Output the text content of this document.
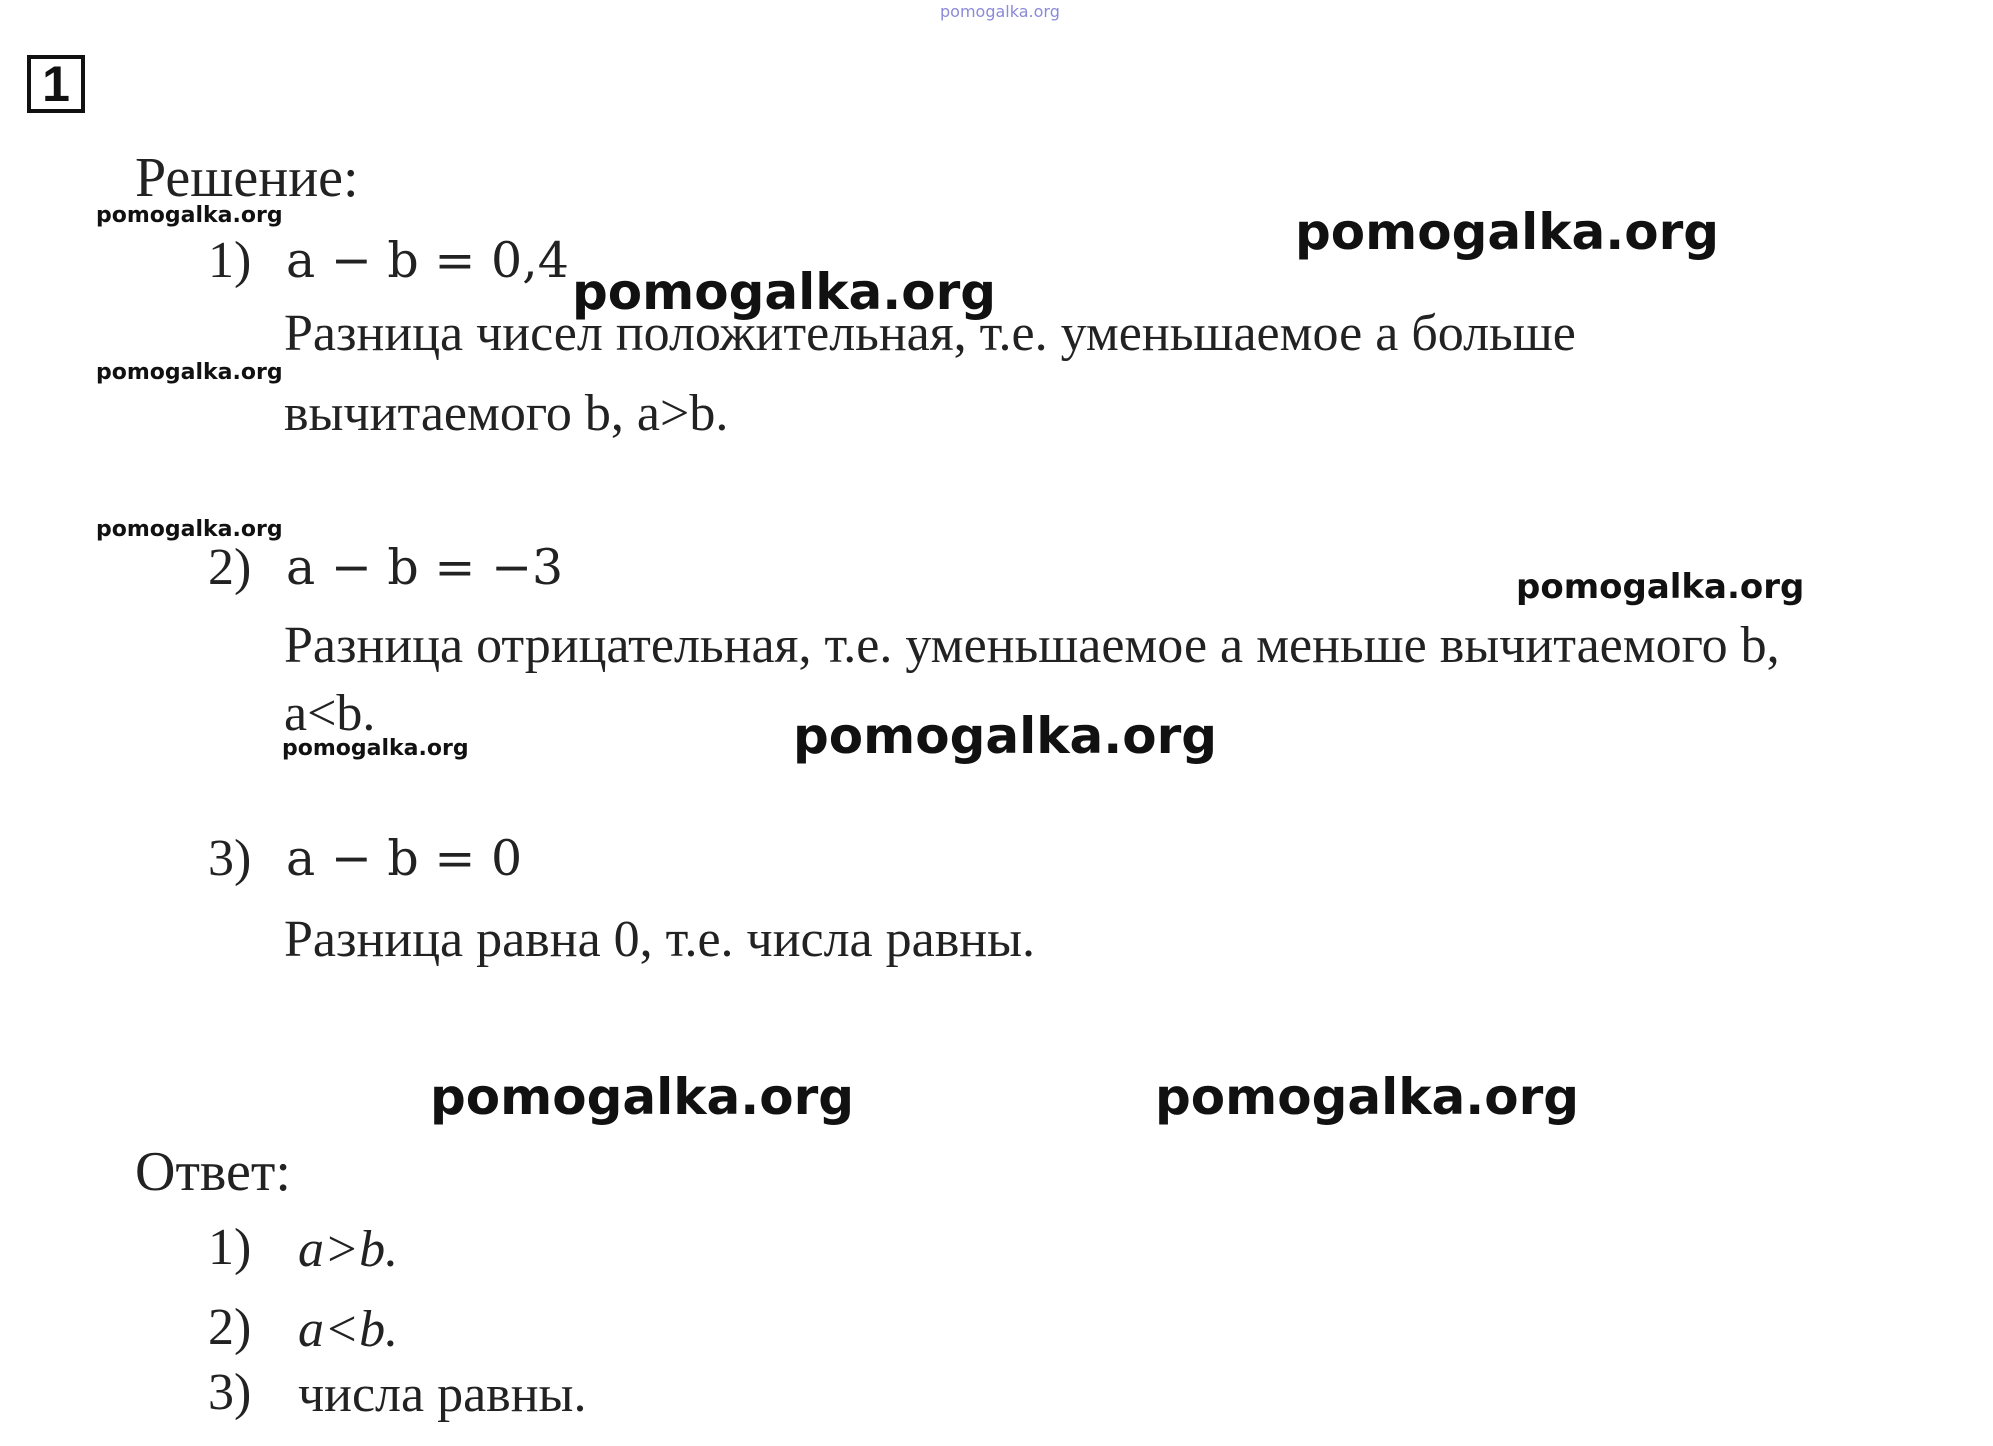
pomogalka.org
1
Решение:
1) a − b = 0,4
Разница чисел положительная, т.е. уменьшаемое a больше
вычитаемого b, a>b.
2) a − b = −3
Разница отрицательная, т.е. уменьшаемое a меньше вычитаемого b,
a<b.
3) a − b = 0
Разница равна 0, т.е. числа равны.
Ответ:
1) a>b.
2) a<b.
3) числа равны.
pomogalka.org
pomogalka.org
pomogalka.org
pomogalka.org
pomogalka.org
pomogalka.org
pomogalka.org
pomogalka.org
pomogalka.org	pomogalka.org
